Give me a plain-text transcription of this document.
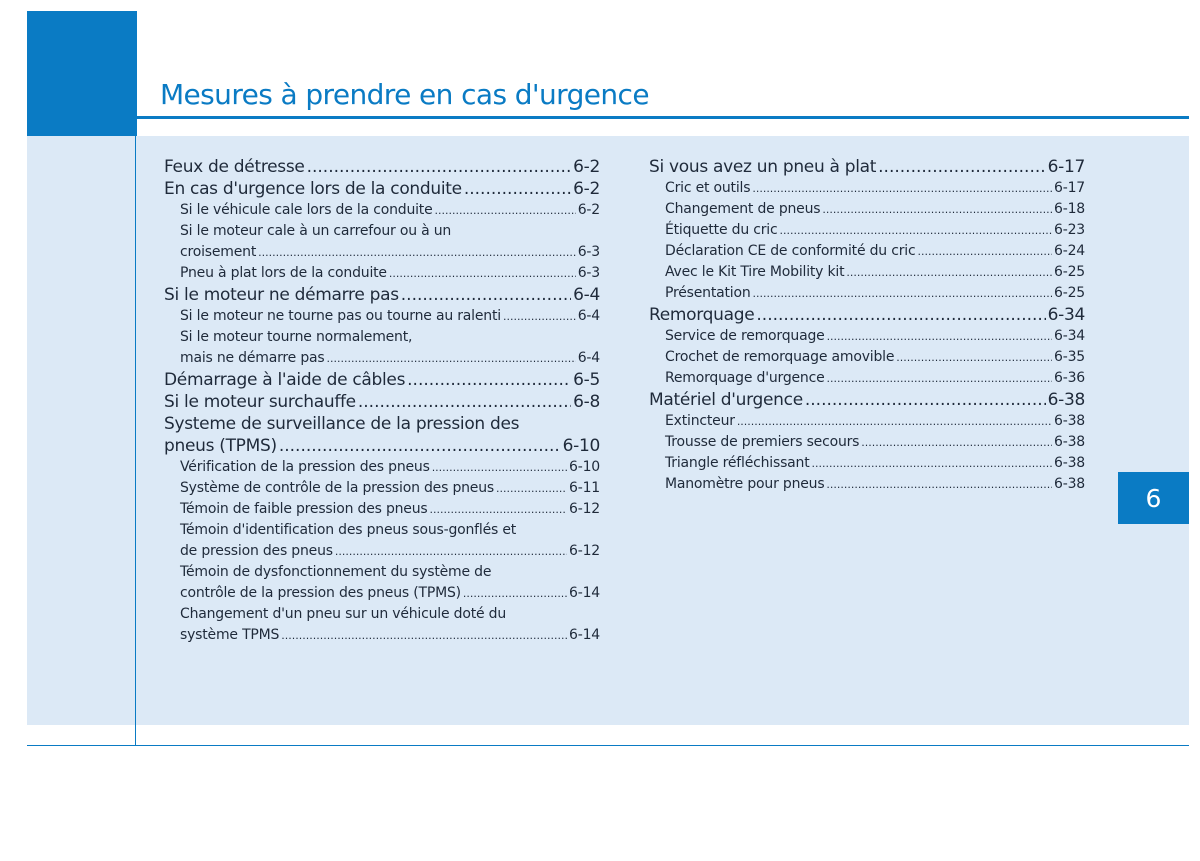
Mesures à prendre en cas d'urgence
6
Feux de détresse .....	6-2
En cas d'urgence lors de la conduite .....	6-2
Si le véhicule cale lors de la conduite .....	6-2
Si le moteur cale à un carrefour ou à un
croisement .....	6-3
Pneu à plat lors de la conduite .....	6-3
Si le moteur ne démarre pas .....	6-4
Si le moteur ne tourne pas ou tourne au ralenti .....	6-4
Si le moteur tourne normalement,
mais ne démarre pas .....	6-4
Démarrage à l'aide de câbles .....	6-5
Si le moteur surchauffe .....	6-8
Systeme de surveillance de la pression des
pneus (TPMS) .....	6-10
Vérification de la pression des pneus .....	6-10
Système de contrôle de la pression des pneus .....	6-11
Témoin de faible pression des pneus .....	6-12
Témoin d'identification des pneus sous-gonflés et
de pression des pneus .....	6-12
Témoin de dysfonctionnement du système de
contrôle de la pression des pneus (TPMS) .....	6-14
Changement d'un pneu sur un véhicule doté du
système TPMS .....	6-14
Si vous avez un pneu à plat .....	6-17
Cric et outils .....	6-17
Changement de pneus .....	6-18
Étiquette du cric .....	6-23
Déclaration CE de conformité du cric .....	6-24
Avec le Kit Tire Mobility kit .....	6-25
Présentation .....	6-25
Remorquage .....	6-34
Service de remorquage .....	6-34
Crochet de remorquage amovible .....	6-35
Remorquage d'urgence .....	6-36
Matériel d'urgence .....	6-38
Extincteur .....	6-38
Trousse de premiers secours .....	6-38
Triangle réfléchissant .....	6-38
Manomètre pour pneus .....	6-38
